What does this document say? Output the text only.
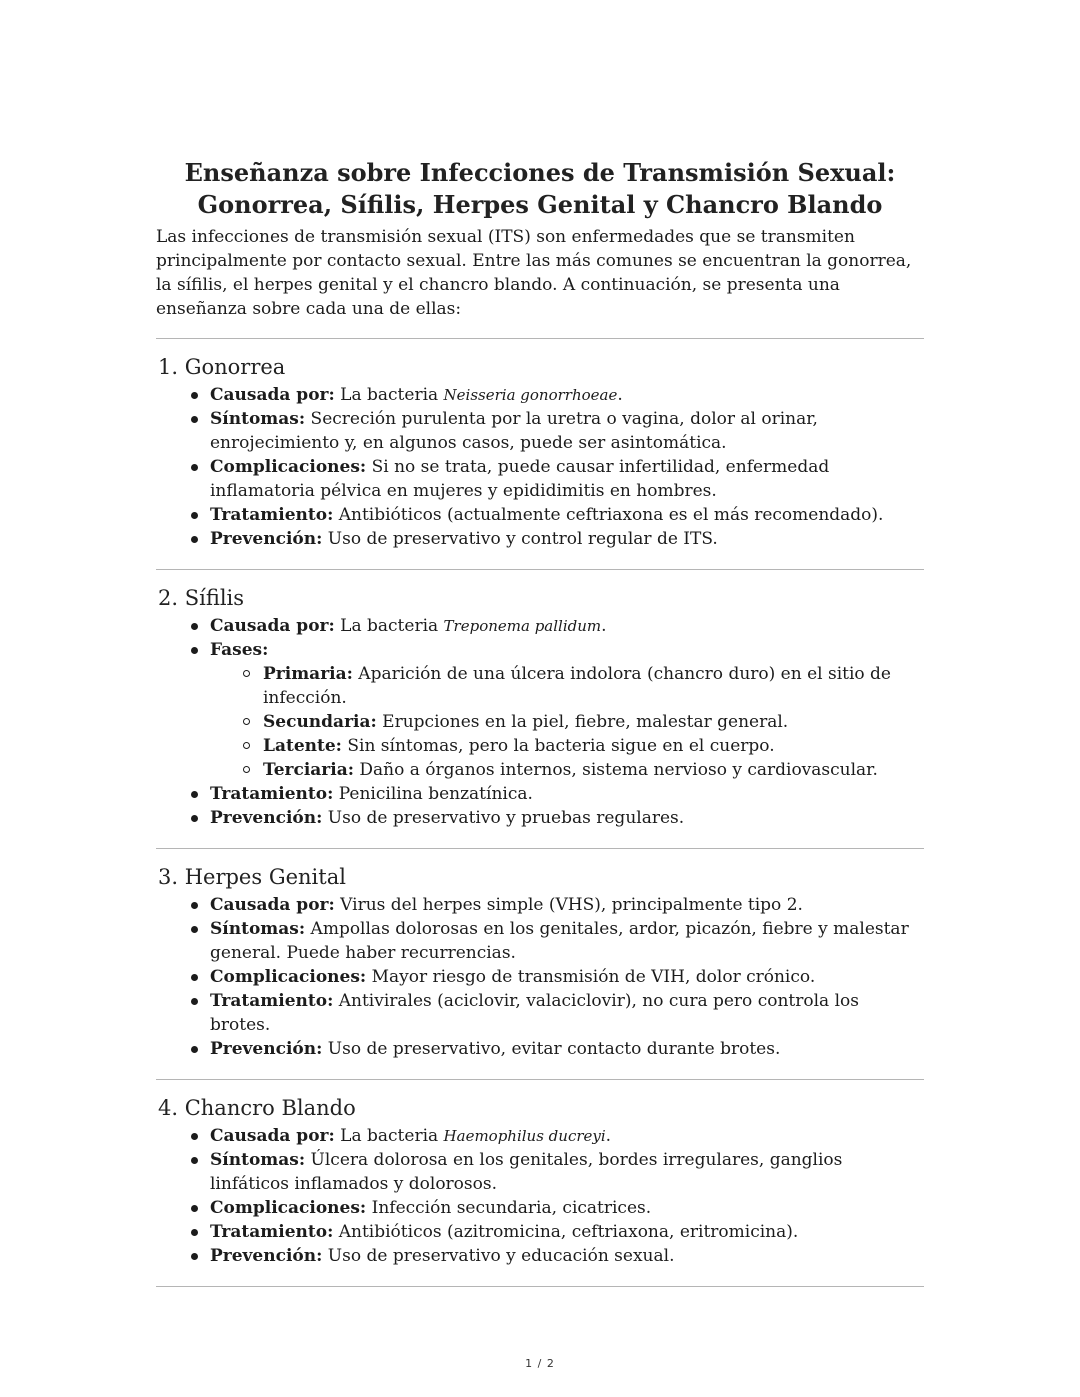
Enseñanza sobre Infecciones de Transmisión Sexual: Gonorrea, Sífilis, Herpes Genital y Chancro Blando

Las infecciones de transmisión sexual (ITS) son enfermedades que se transmiten principalmente por contacto sexual. Entre las más comunes se encuentran la gonorrea, la sífilis, el herpes genital y el chancro blando. A continuación, se presenta una enseñanza sobre cada una de ellas:

1. Gonorrea
Causada por: La bacteria Neisseria gonorrhoeae.
Síntomas: Secreción purulenta por la uretra o vagina, dolor al orinar, enrojecimiento y, en algunos casos, puede ser asintomática.
Complicaciones: Si no se trata, puede causar infertilidad, enfermedad inflamatoria pélvica en mujeres y epididimitis en hombres.
Tratamiento: Antibióticos (actualmente ceftriaxona es el más recomendado).
Prevención: Uso de preservativo y control regular de ITS.
2. Sífilis
Causada por: La bacteria Treponema pallidum.
Fases:
Primaria: Aparición de una úlcera indolora (chancro duro) en el sitio de infección.
Secundaria: Erupciones en la piel, fiebre, malestar general.
Latente: Sin síntomas, pero la bacteria sigue en el cuerpo.
Terciaria: Daño a órganos internos, sistema nervioso y cardiovascular.
Tratamiento: Penicilina benzatínica.
Prevención: Uso de preservativo y pruebas regulares.
3. Herpes Genital
Causada por: Virus del herpes simple (VHS), principalmente tipo 2.
Síntomas: Ampollas dolorosas en los genitales, ardor, picazón, fiebre y malestar general. Puede haber recurrencias.
Complicaciones: Mayor riesgo de transmisión de VIH, dolor crónico.
Tratamiento: Antivirales (aciclovir, valaciclovir), no cura pero controla los brotes.
Prevención: Uso de preservativo, evitar contacto durante brotes.
4. Chancro Blando
Causada por: La bacteria Haemophilus ducreyi.
Síntomas: Úlcera dolorosa en los genitales, bordes irregulares, ganglios linfáticos inflamados y dolorosos.
Complicaciones: Infección secundaria, cicatrices.
Tratamiento: Antibióticos (azitromicina, ceftriaxona, eritromicina).
Prevención: Uso de preservativo y educación sexual.
1 / 2
